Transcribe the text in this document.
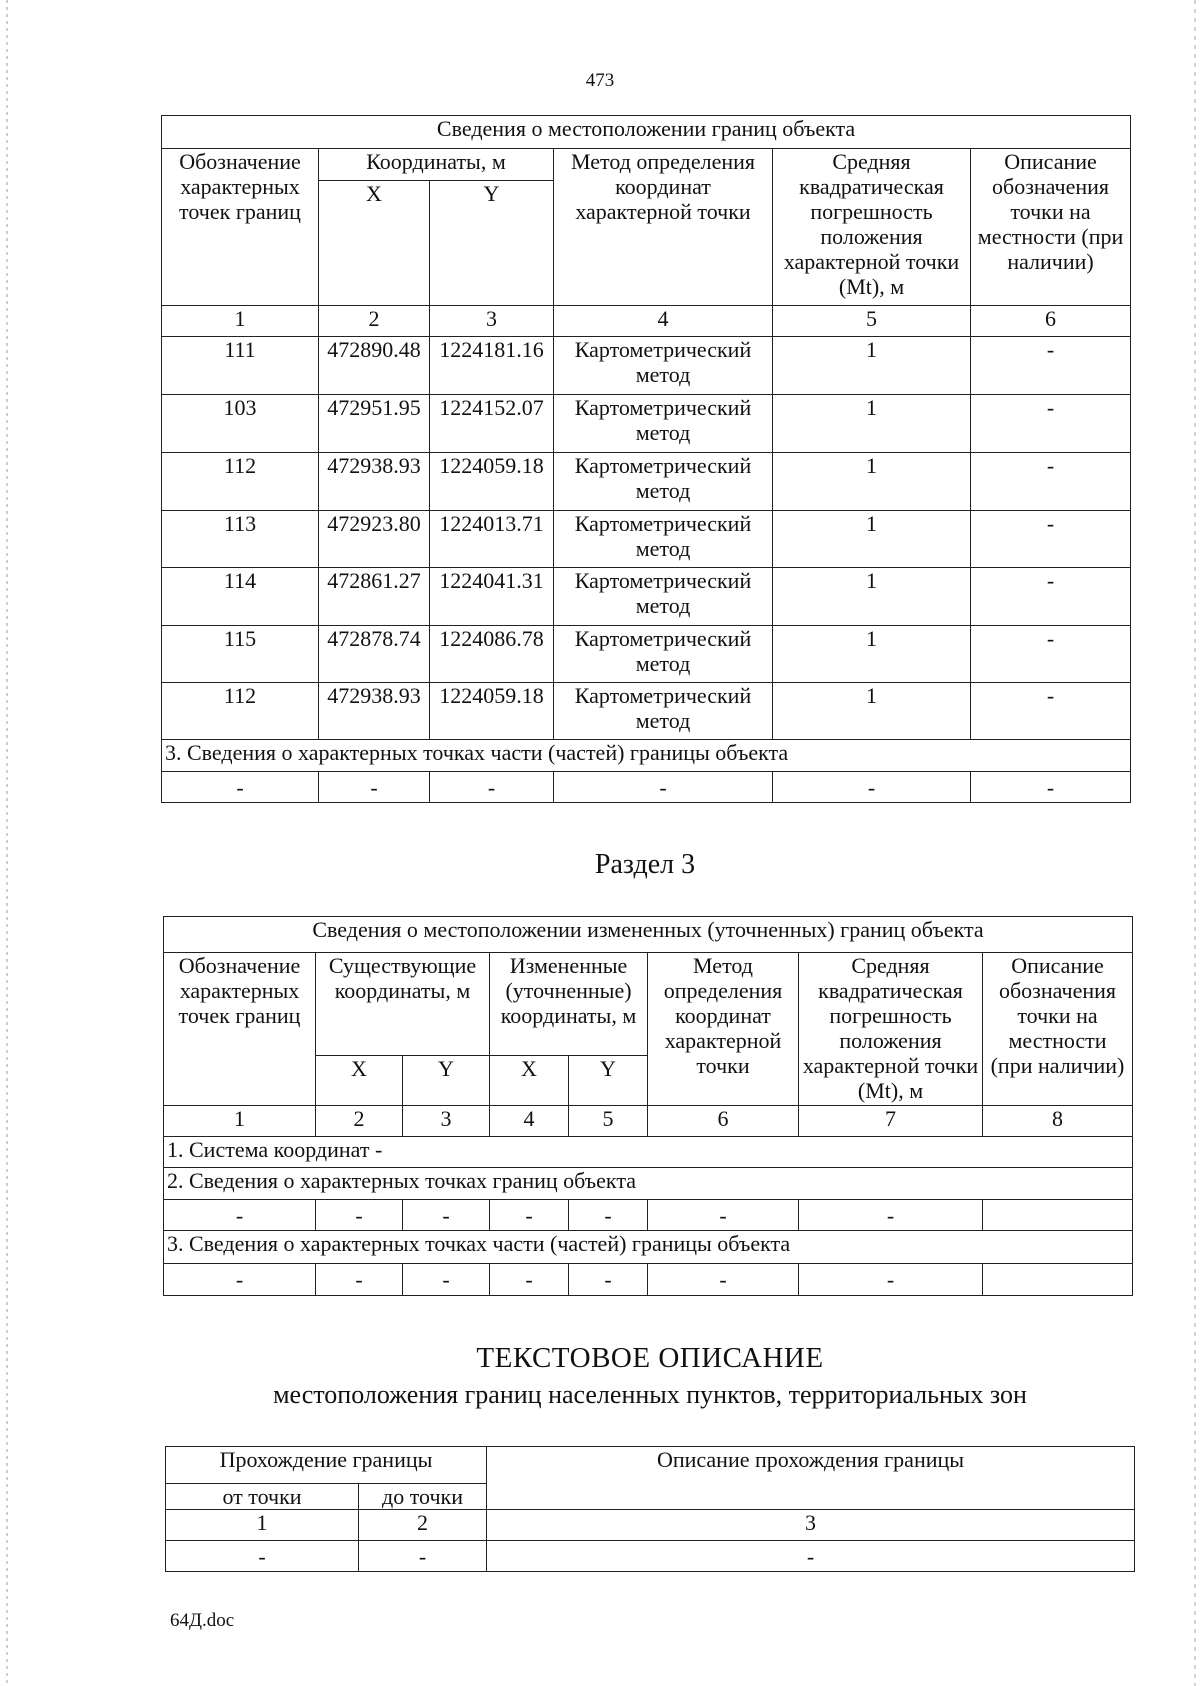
473
Сведения о местоположении границ объекта					
Обозначение характерных точек границ	Координаты, м		Метод определения координат характерной точки	Средняя квадратическая погрешность положения характерной точки (Mt), м	Описание обозначения точки на местности (при наличии)
	X	Y			
1	2	3	4	5	6
111	472890.48	1224181.16	Картометрический метод	1	-
103	472951.95	1224152.07	Картометрический метод	1	-
112	472938.93	1224059.18	Картометрический метод	1	-
113	472923.80	1224013.71	Картометрический метод	1	-
114	472861.27	1224041.31	Картометрический метод	1	-
115	472878.74	1224086.78	Картометрический метод	1	-
112	472938.93	1224059.18	Картометрический метод	1	-
3. Сведения о характерных точках части (частей) границы объекта					
-	-	-	-	-	-
Раздел 3
Сведения о местоположении измененных (уточненных) границ объекта							
Обозначение характерных точек границ	Существующие координаты, м		Измененные (уточненные) координаты, м		Метод определения координат характерной точки	Средняя квадратическая погрешность положения характерной точки (Mt), м	Описание обозначения точки на местности (при наличии)
	X	Y	X	Y			
1	2	3	4	5	6	7	8
1. Система координат -							
2. Сведения о характерных точках границ объекта							
-	-	-	-	-	-	-	
3. Сведения о характерных точках части (частей) границы объекта							
-	-	-	-	-	-	-	
ТЕКСТОВОЕ ОПИСАНИЕ
местоположения границ населенных пунктов, территориальных зон
Прохождение границы		Описание прохождения границы
от точки	до точки	
1	2	3
-	-	-
64Д.doc
